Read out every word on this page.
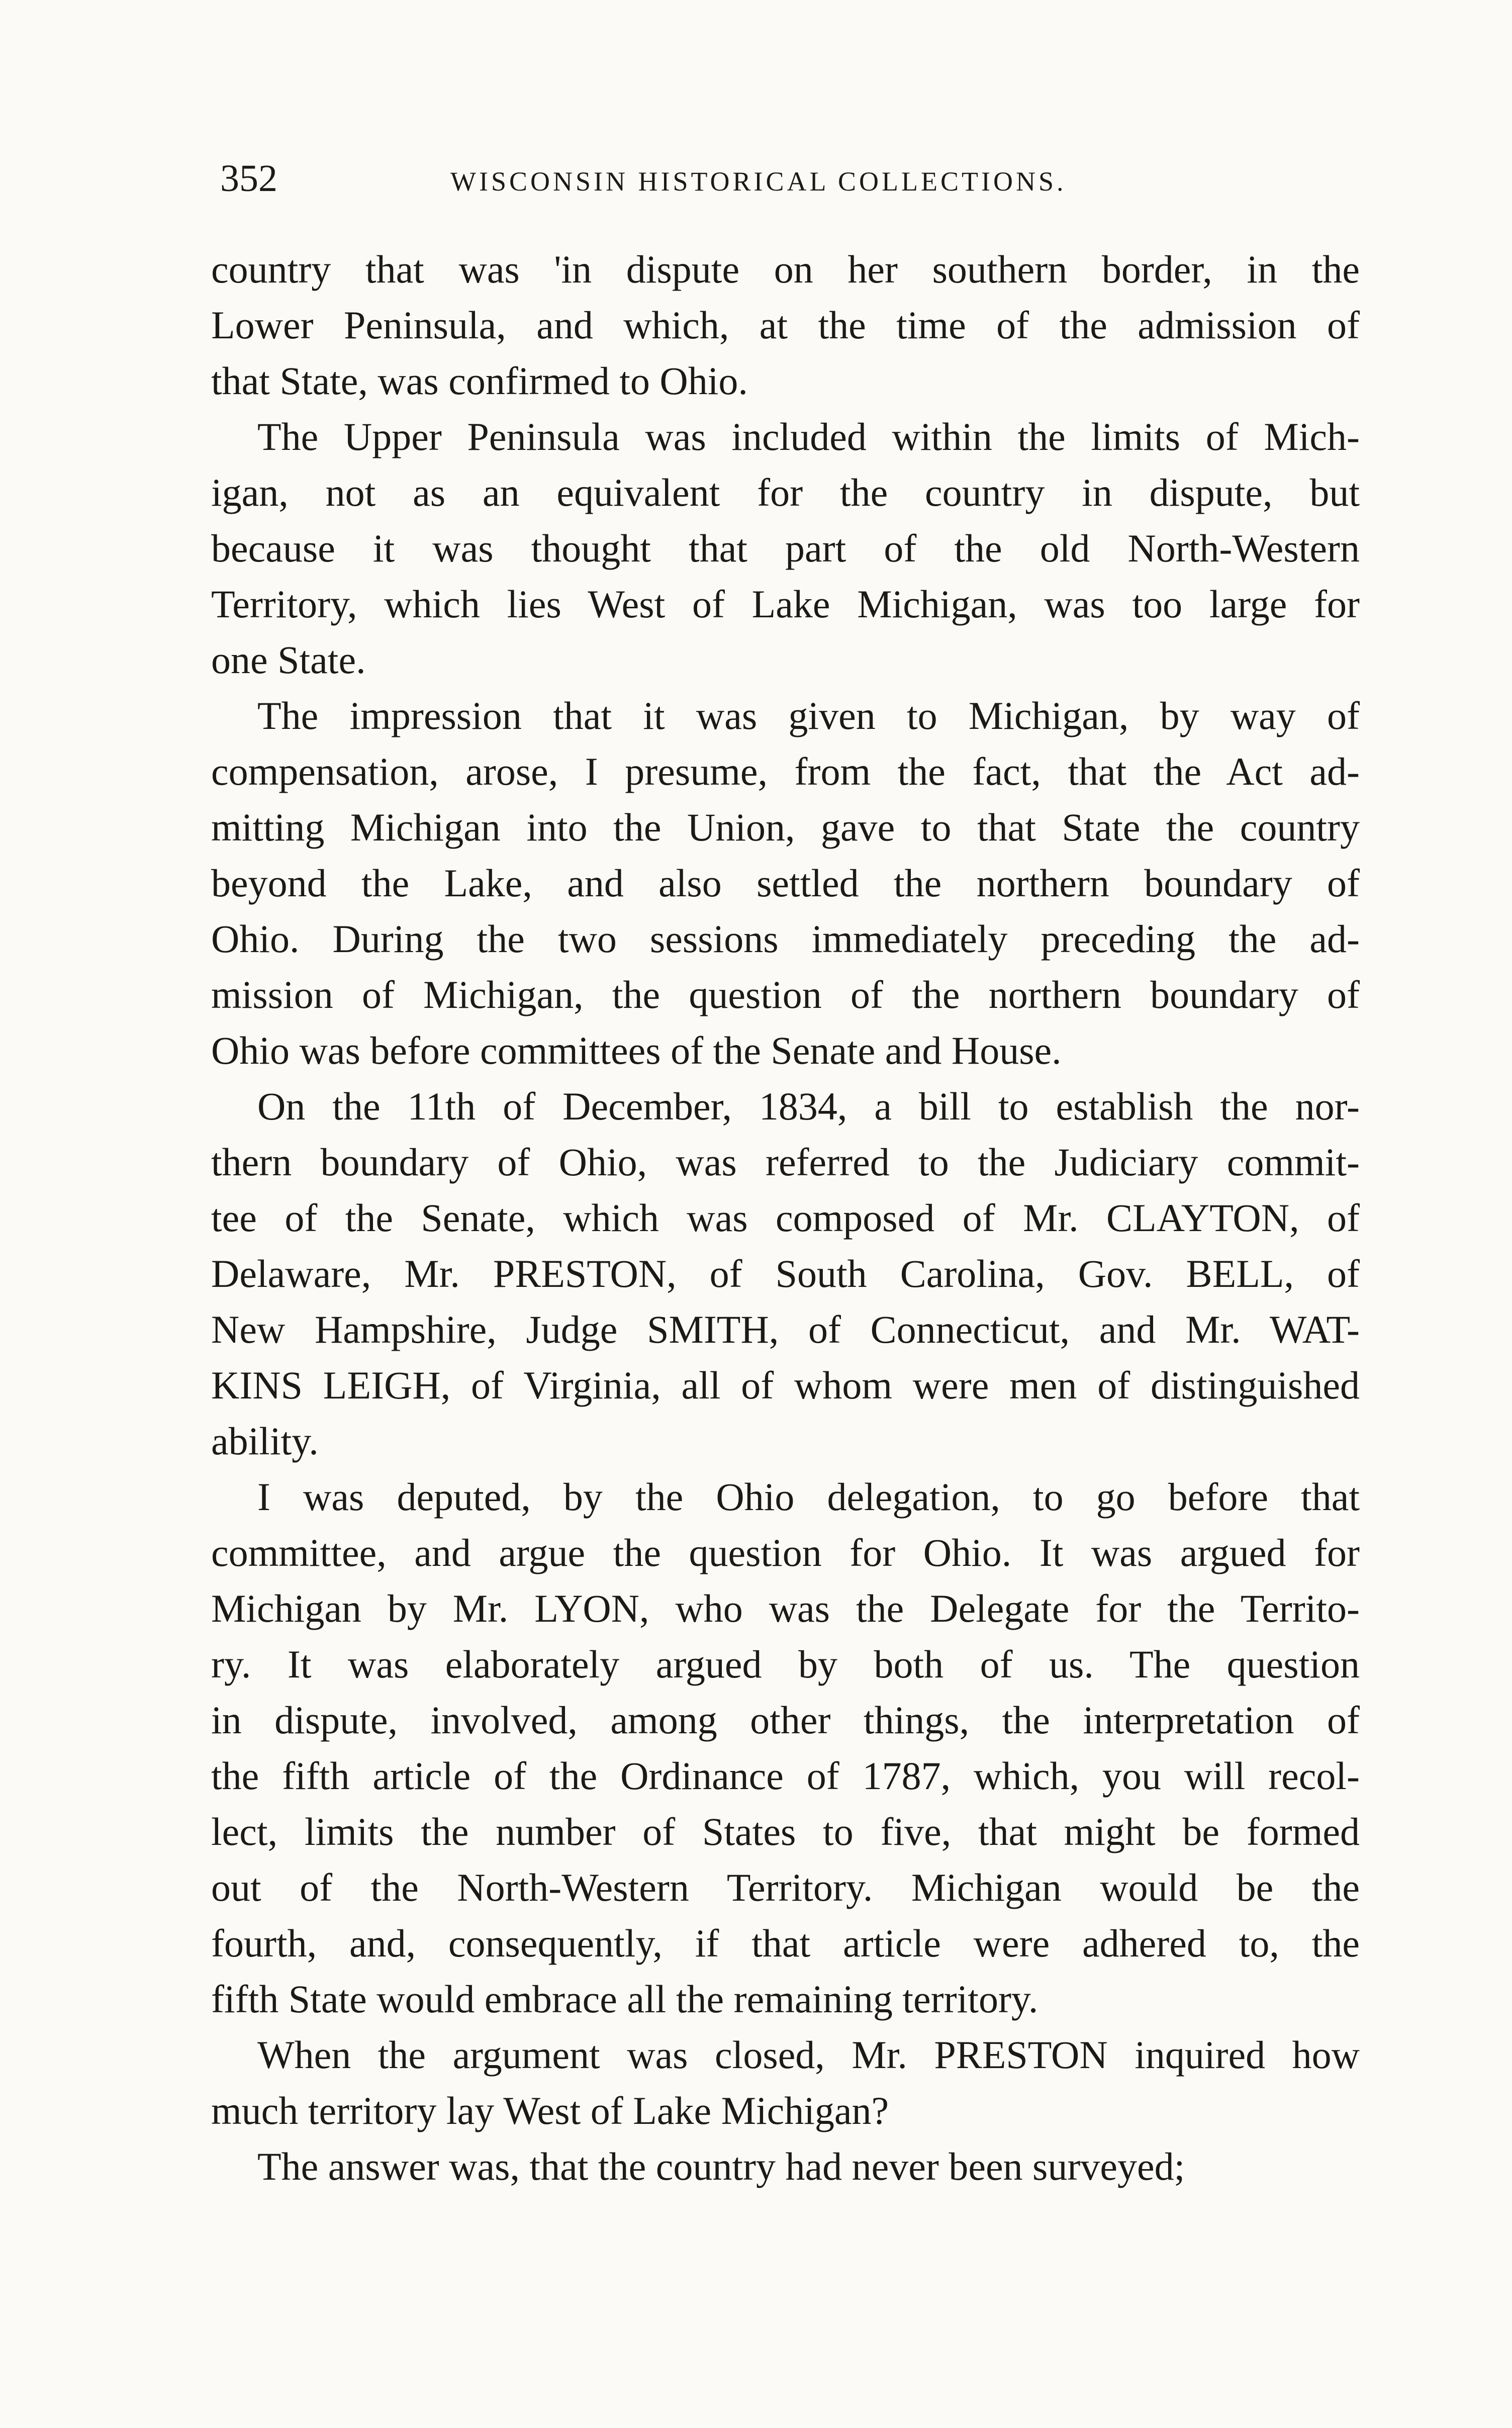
352	WISCONSIN HISTORICAL COLLECTIONS.
country that was 'in dispute on her southern border, in the
Lower Peninsula, and which, at the time of the admission of
that State, was confirmed to Ohio.
The Upper Peninsula was included within the limits of Mich-
igan, not as an equivalent for the country in dispute, but
because it was thought that part of the old North-Western
Territory, which lies West of Lake Michigan, was too large for
one State.
The impression that it was given to Michigan, by way of
compensation, arose, I presume, from the fact, that the Act ad-
mitting Michigan into the Union, gave to that State the country
beyond the Lake, and also settled the northern boundary of
Ohio. During the two sessions immediately preceding the ad-
mission of Michigan, the question of the northern boundary of
Ohio was before committees of the Senate and House.
On the 11th of December, 1834, a bill to establish the nor-
thern boundary of Ohio, was referred to the Judiciary commit-
tee of the Senate, which was composed of Mr. CLAYTON, of
Delaware, Mr. PRESTON, of South Carolina, Gov. BELL, of
New Hampshire, Judge SMITH, of Connecticut, and Mr. WAT-
KINS LEIGH, of Virginia, all of whom were men of distinguished
ability.
I was deputed, by the Ohio delegation, to go before that
committee, and argue the question for Ohio. It was argued for
Michigan by Mr. LYON, who was the Delegate for the Territo-
ry. It was elaborately argued by both of us. The question
in dispute, involved, among other things, the interpretation of
the fifth article of the Ordinance of 1787, which, you will recol-
lect, limits the number of States to five, that might be formed
out of the North-Western Territory. Michigan would be the
fourth, and, consequently, if that article were adhered to, the
fifth State would embrace all the remaining territory.
When the argument was closed, Mr. PRESTON inquired how
much territory lay West of Lake Michigan?
The answer was, that the country had never been surveyed;
